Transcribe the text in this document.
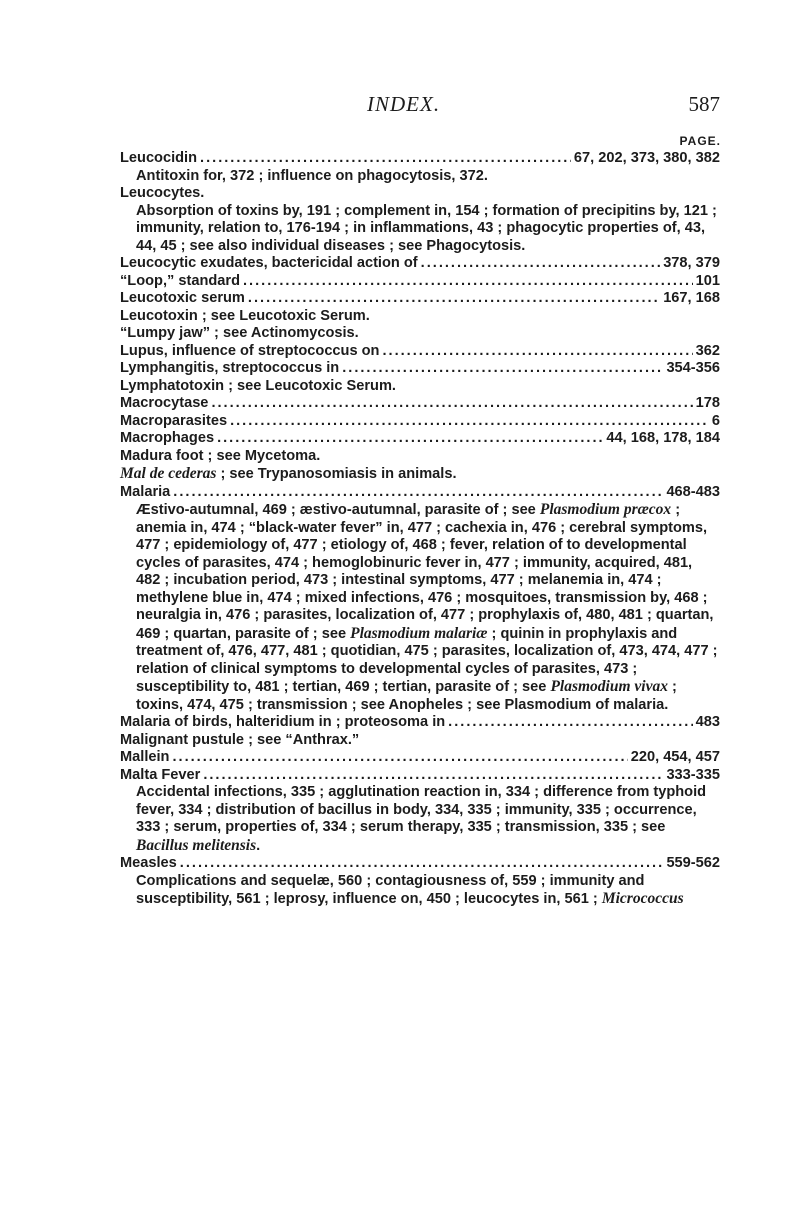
INDEX.	587
PAGE.
Leucocidin .....	67, 202, 373, 380, 382
Antitoxin for, 372 ; influence on phagocytosis, 372.
Leucocytes.
Absorption of toxins by, 191 ; complement in, 154 ; formation of precipitins by, 121 ; immunity, relation to, 176-194 ; in inflammations, 43 ; phagocytic properties of, 43, 44, 45 ; see also individual diseases ; see Phagocytosis.
Leucocytic exudates, bactericidal action of .....	378, 379
“Loop,” standard .....	101
Leucotoxic serum .....	167, 168
Leucotoxin ; see Leucotoxic Serum.
“Lumpy jaw” ; see Actinomycosis.
Lupus, influence of streptococcus on .....	362
Lymphangitis, streptococcus in .....	354-356
Lymphatotoxin ; see Leucotoxic Serum.
Macrocytase .....	178
Macroparasites .....	6
Macrophages .....	44, 168, 178, 184
Madura foot ; see Mycetoma.
Mal de cederas ; see Trypanosomiasis in animals.
Malaria .....	468-483
Æstivo-autumnal, 469 ; æstivo-autumnal, parasite of ; see Plasmodium præcox ; anemia in, 474 ; “black-water fever” in, 477 ; cachexia in, 476 ; cerebral symptoms, 477 ; epidemiology of, 477 ; etiology of, 468 ; fever, relation of to developmental cycles of parasites, 474 ; hemoglobinuric fever in, 477 ; immunity, acquired, 481, 482 ; incubation period, 473 ; intestinal symptoms, 477 ; melanemia in, 474 ; methylene blue in, 474 ; mixed infections, 476 ; mosquitoes, transmission by, 468 ; neuralgia in, 476 ; parasites, localization of, 477 ; prophylaxis of, 480, 481 ; quartan, 469 ; quartan, parasite of ; see Plasmodium malariæ ; quinin in prophylaxis and treatment of, 476, 477, 481 ; quotidian, 475 ; parasites, localization of, 473, 474, 477 ; relation of clinical symptoms to developmental cycles of parasites, 473 ; susceptibility to, 481 ; tertian, 469 ; tertian, parasite of ; see Plasmodium vivax ; toxins, 474, 475 ; transmission ; see Anopheles ; see Plasmodium of malaria.
Malaria of birds, halteridium in ; proteosoma in .....	483
Malignant pustule ; see “Anthrax.”
Mallein .....	220, 454, 457
Malta Fever .....	333-335
Accidental infections, 335 ; agglutination reaction in, 334 ; difference from typhoid fever, 334 ; distribution of bacillus in body, 334, 335 ; immunity, 335 ; occurrence, 333 ; serum, properties of, 334 ; serum therapy, 335 ; transmission, 335 ; see Bacillus melitensis.
Measles .....	559-562
Complications and sequelæ, 560 ; contagiousness of, 559 ; immunity and susceptibility, 561 ; leprosy, influence on, 450 ; leucocytes in, 561 ; Micrococcus
